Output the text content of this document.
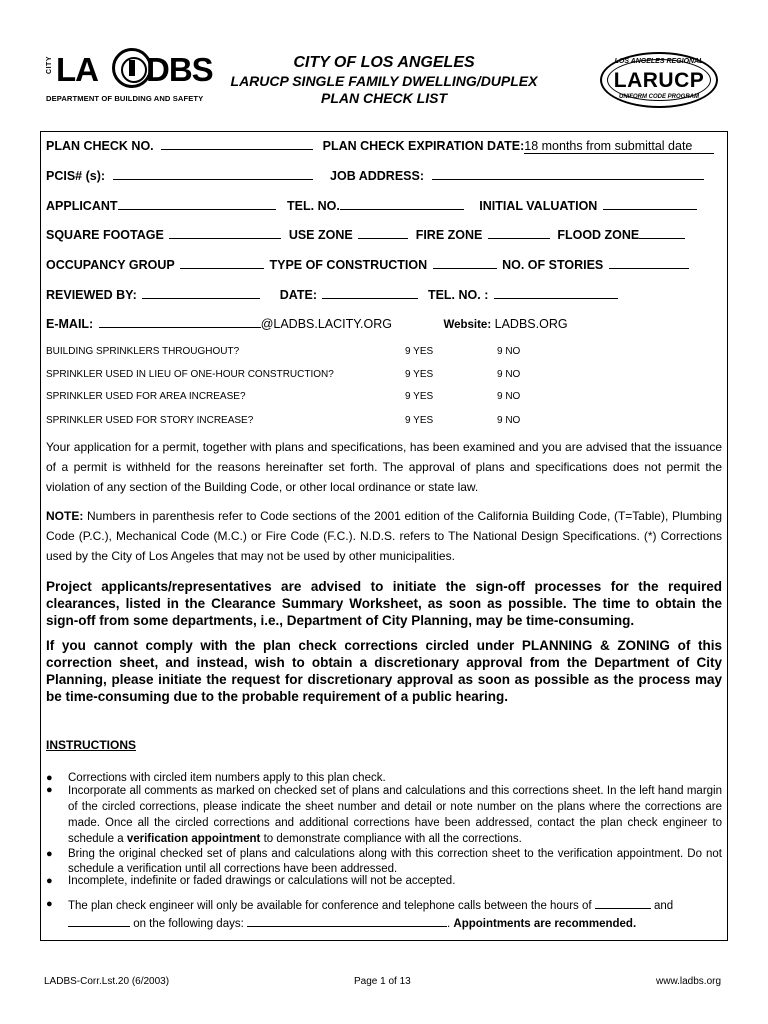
CITY LA DBS
DEPARTMENT OF BUILDING AND SAFETY
CITY OF LOS ANGELES
LARUCP SINGLE FAMILY DWELLING/DUPLEX
PLAN CHECK LIST
LOS ANGELES REGIONAL
LARUCP
UNIFORM CODE PROGRAM
PLAN CHECK NO.	PLAN CHECK EXPIRATION DATE:18 months from submittal date
PCIS# (s):	JOB ADDRESS:
APPLICANT	TEL. NO.	INITIAL VALUATION
SQUARE FOOTAGE	USE ZONE	FIRE ZONE	FLOOD ZONE
OCCUPANCY GROUP	TYPE OF CONSTRUCTION	NO. OF STORIES
REVIEWED BY:	DATE:	TEL. NO. :
E-MAIL:	@LADBS.LACITY.ORG	Website: LADBS.ORG
BUILDING SPRINKLERS THROUGHOUT?	9 YES	9 NO
SPRINKLER USED IN LIEU OF ONE-HOUR CONSTRUCTION?	9 YES	9 NO
SPRINKLER USED FOR AREA INCREASE?	9 YES	9 NO
SPRINKLER USED FOR STORY INCREASE?	9 YES	9 NO
Your application for a permit, together with plans and specifications, has been examined and you are advised that the issuance of a permit is withheld for the reasons hereinafter set forth. The approval of plans and specifications does not permit the violation of any section of the Building Code, or other local ordinance or state law.
NOTE: Numbers in parenthesis refer to Code sections of the 2001 edition of the California Building Code, (T=Table), Plumbing Code (P.C.), Mechanical Code (M.C.) or Fire Code (F.C.). N.D.S. refers to The National Design Specifications. (*) Corrections used by the City of Los Angeles that may not be used by other municipalities.
Project applicants/representatives are advised to initiate the sign-off processes for the required clearances, listed in the Clearance Summary Worksheet, as soon as possible. The time to obtain the sign-off from some departments, i.e., Department of City Planning, may be time-consuming.
If you cannot comply with the plan check corrections circled under PLANNING & ZONING of this correction sheet, and instead, wish to obtain a discretionary approval from the Department of City Planning, please initiate the request for discretionary approval as soon as possible as the process may be time-consuming due to the probable requirement of a public hearing.
INSTRUCTIONS
● Corrections with circled item numbers apply to this plan check.
● Incorporate all comments as marked on checked set of plans and calculations and this corrections sheet. In the left hand margin of the circled corrections, please indicate the sheet number and detail or note number on the plans where the corrections are made. Once all the circled corrections and additional corrections have been addressed, contact the plan check engineer to schedule a verification appointment to demonstrate compliance with all the corrections.
● Bring the original checked set of plans and calculations along with this correction sheet to the verification appointment. Do not schedule a verification until all corrections have been addressed.
● Incomplete, indefinite or faded drawings or calculations will not be accepted.
● The plan check engineer will only be available for conference and telephone calls between the hours of	and
on the following days:	. Appointments are recommended.
LADBS-Corr.Lst.20 (6/2003)	Page 1 of 13	www.ladbs.org
